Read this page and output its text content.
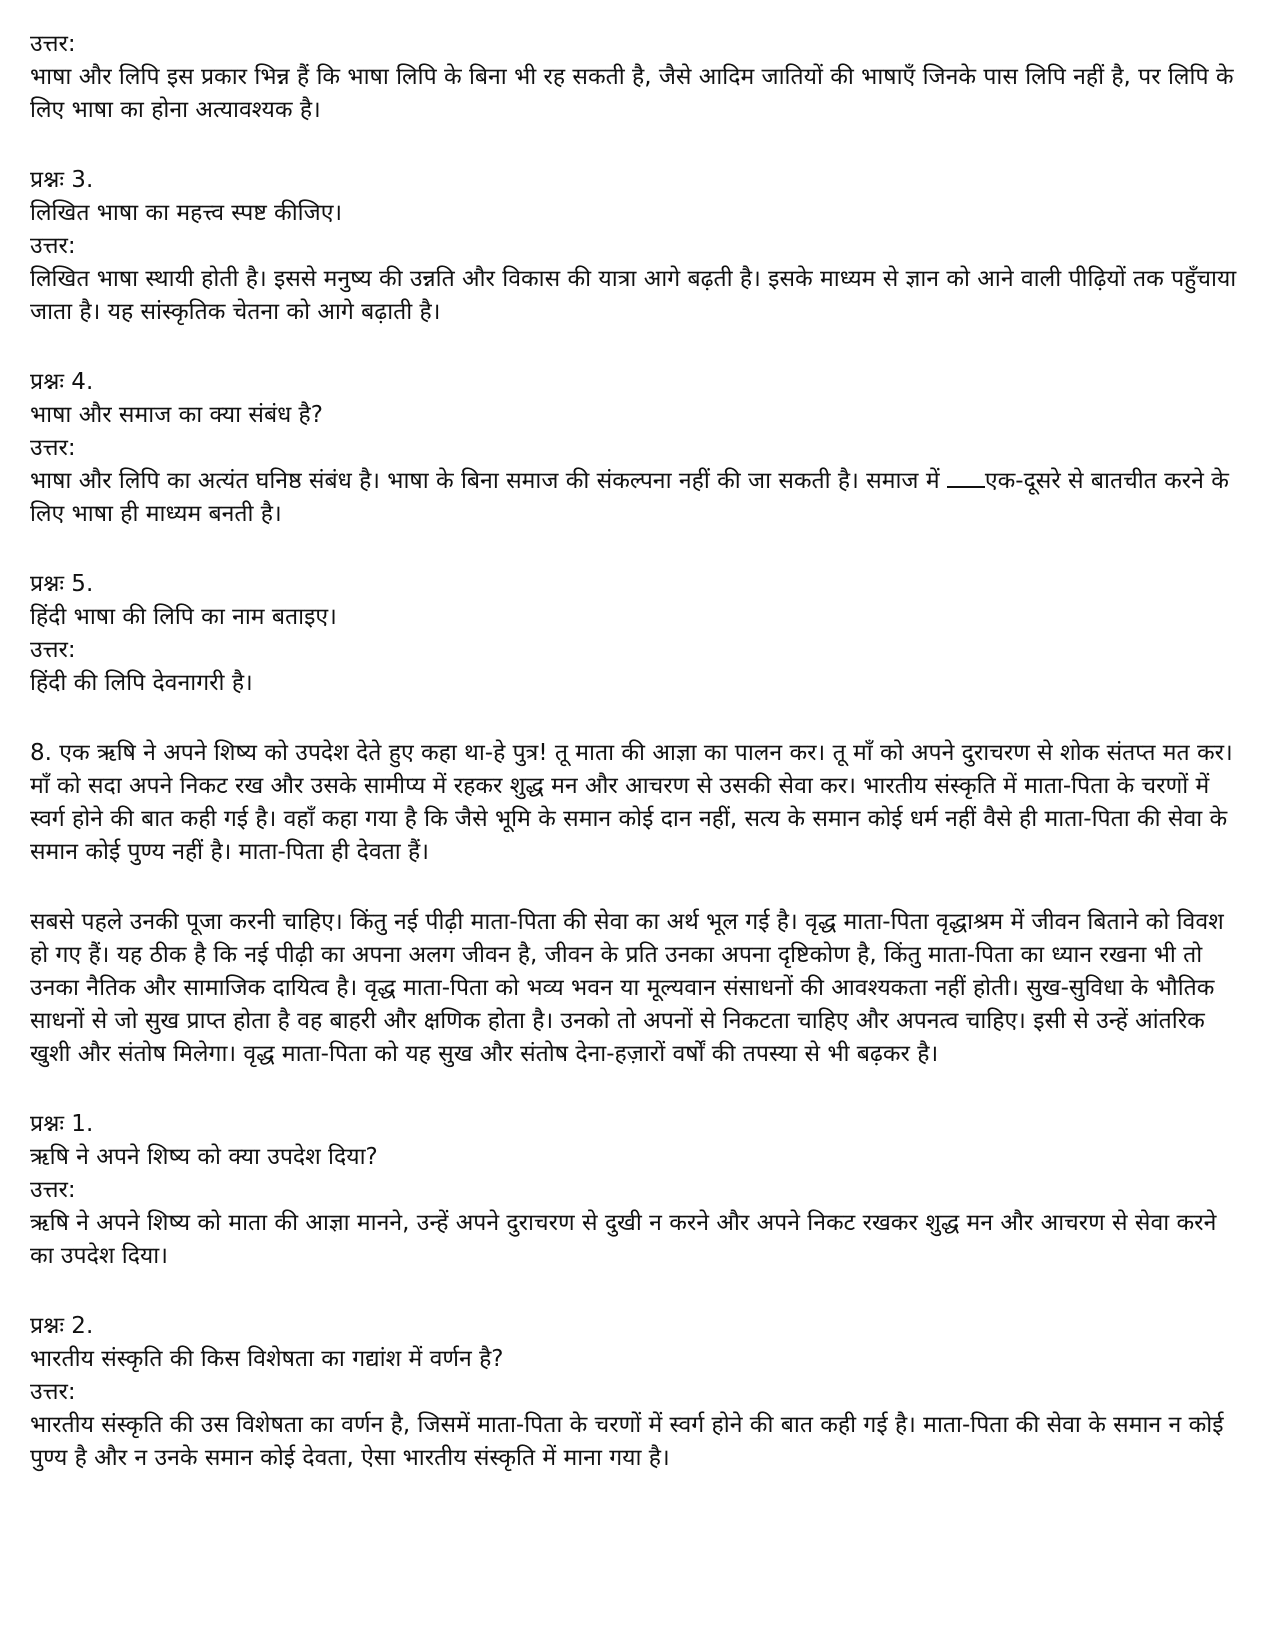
उत्तर:
भाषा और लिपि इस प्रकार भिन्न हैं कि भाषा लिपि के बिना भी रह सकती है, जैसे आदिम जातियों की भाषाएँ जिनके पास लिपि नहीं है, पर लिपि के लिए भाषा का होना अत्यावश्यक है।
प्रश्नः 3.
लिखित भाषा का महत्त्व स्पष्ट कीजिए।
उत्तर:
लिखित भाषा स्थायी होती है। इससे मनुष्य की उन्नति और विकास की यात्रा आगे बढ़ती है। इसके माध्यम से ज्ञान को आने वाली पीढ़ियों तक पहुँचाया जाता है। यह सांस्कृतिक चेतना को आगे बढ़ाती है।
प्रश्नः 4.
भाषा और समाज का क्या संबंध है?
उत्तर:
भाषा और लिपि का अत्यंत घनिष्ठ संबंध है। भाषा के बिना समाज की संकल्पना नहीं की जा सकती है। समाज में एक-दूसरे से बातचीत करने के लिए भाषा ही माध्यम बनती है।
प्रश्नः 5.
हिंदी भाषा की लिपि का नाम बताइए।
उत्तर:
हिंदी की लिपि देवनागरी है।
8. एक ऋषि ने अपने शिष्य को उपदेश देते हुए कहा था-हे पुत्र! तू माता की आज्ञा का पालन कर। तू माँ को अपने दुराचरण से शोक संतप्त मत कर। माँ को सदा अपने निकट रख और उसके सामीप्य में रहकर शुद्ध मन और आचरण से उसकी सेवा कर। भारतीय संस्कृति में माता-पिता के चरणों में स्वर्ग होने की बात कही गई है। वहाँ कहा गया है कि जैसे भूमि के समान कोई दान नहीं, सत्य के समान कोई धर्म नहीं वैसे ही माता-पिता की सेवा के समान कोई पुण्य नहीं है। माता-पिता ही देवता हैं।
सबसे पहले उनकी पूजा करनी चाहिए। किंतु नई पीढ़ी माता-पिता की सेवा का अर्थ भूल गई है। वृद्ध माता-पिता वृद्धाश्रम में जीवन बिताने को विवश हो गए हैं। यह ठीक है कि नई पीढ़ी का अपना अलग जीवन है, जीवन के प्रति उनका अपना दृष्टिकोण है, किंतु माता-पिता का ध्यान रखना भी तो उनका नैतिक और सामाजिक दायित्व है। वृद्ध माता-पिता को भव्य भवन या मूल्यवान संसाधनों की आवश्यकता नहीं होती। सुख-सुविधा के भौतिक साधनों से जो सुख प्राप्त होता है वह बाहरी और क्षणिक होता है। उनको तो अपनों से निकटता चाहिए और अपनत्व चाहिए। इसी से उन्हें आंतरिक खुशी और संतोष मिलेगा। वृद्ध माता-पिता को यह सुख और संतोष देना-हज़ारों वर्षों की तपस्या से भी बढ़कर है।
प्रश्नः 1.
ऋषि ने अपने शिष्य को क्या उपदेश दिया?
उत्तर:
ऋषि ने अपने शिष्य को माता की आज्ञा मानने, उन्हें अपने दुराचरण से दुखी न करने और अपने निकट रखकर शुद्ध मन और आचरण से सेवा करने का उपदेश दिया।
प्रश्नः 2.
भारतीय संस्कृति की किस विशेषता का गद्यांश में वर्णन है?
उत्तर:
भारतीय संस्कृति की उस विशेषता का वर्णन है, जिसमें माता-पिता के चरणों में स्वर्ग होने की बात कही गई है। माता-पिता की सेवा के समान न कोई पुण्य है और न उनके समान कोई देवता, ऐसा भारतीय संस्कृति में माना गया है।
